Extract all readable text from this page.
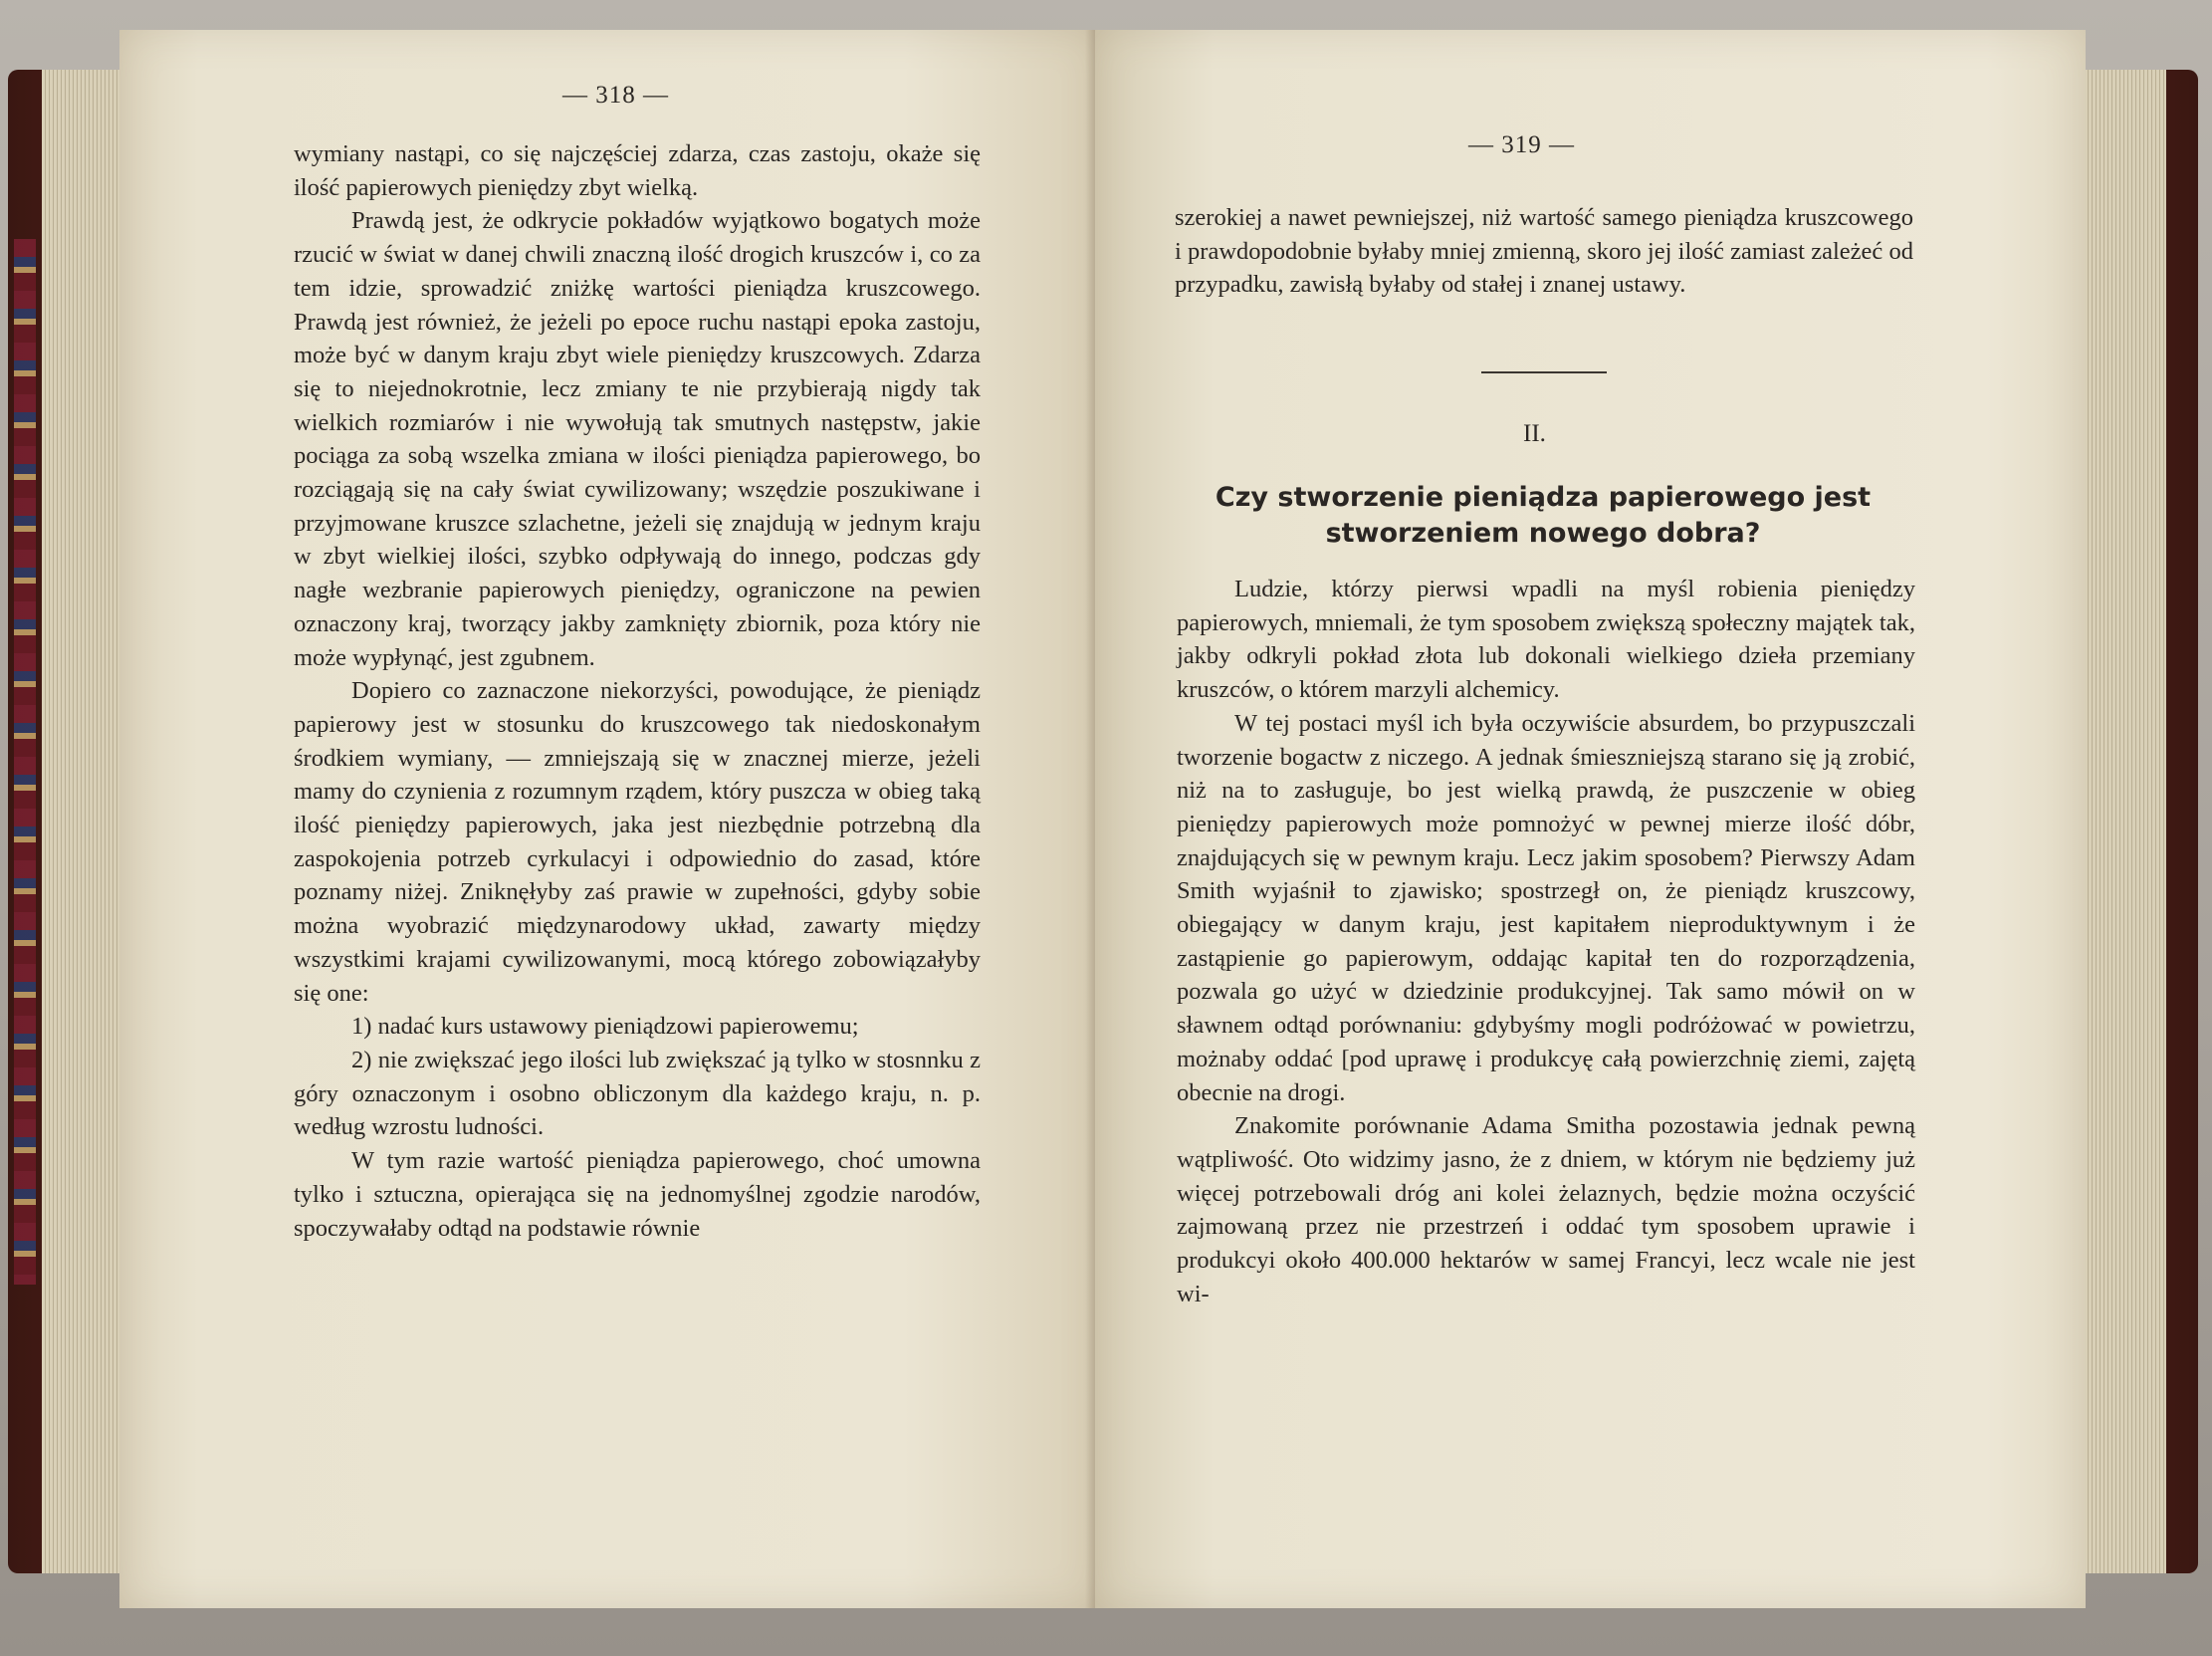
— 318 —

wymiany nastąpi, co się najczęściej zdarza, czas zastoju, okaże się ilość papierowych pieniędzy zbyt wielką.

Prawdą jest, że odkrycie pokładów wyjątkowo bogatych może rzucić w świat w danej chwili znaczną ilość drogich kruszców i, co za tem idzie, sprowadzić zniżkę wartości pieniądza kruszcowego. Prawdą jest również, że jeżeli po epoce ruchu nastąpi epoka zastoju, może być w danym kraju zbyt wiele pieniędzy kruszcowych. Zdarza się to niejednokrotnie, lecz zmiany te nie przybierają nigdy tak wielkich rozmiarów i nie wywołują tak smutnych następstw, jakie pociąga za sobą wszelka zmiana w ilości pieniądza papierowego, bo rozciągają się na cały świat cywilizowany; wszędzie poszukiwane i przyjmowane kruszce szlachetne, jeżeli się znajdują w jednym kraju w zbyt wielkiej ilości, szybko odpływają do innego, podczas gdy nagłe wezbranie papierowych pieniędzy, ograniczone na pewien oznaczony kraj, tworzący jakby zamknięty zbiornik, poza który nie może wypłynąć, jest zgubnem.

Dopiero co zaznaczone niekorzyści, powodujące, że pieniądz papierowy jest w stosunku do kruszcowego tak niedoskonałym środkiem wymiany, — zmniejszają się w znacznej mierze, jeżeli mamy do czynienia z rozumnym rządem, który puszcza w obieg taką ilość pieniędzy papierowych, jaka jest niezbędnie potrzebną dla zaspokojenia potrzeb cyrkulacyi i odpowiednio do zasad, które poznamy niżej. Zniknęłyby zaś prawie w zupełności, gdyby sobie można wyobrazić międzynarodowy układ, zawarty między wszystkimi krajami cywilizowanymi, mocą którego zobowiązałyby się one:

1) nadać kurs ustawowy pieniądzowi papierowemu;

2) nie zwiększać jego ilości lub zwiększać ją tylko w stosnnku z góry oznaczonym i osobno obliczonym dla każdego kraju, n. p. według wzrostu ludności.

W tym razie wartość pieniądza papierowego, choć umowna tylko i sztuczna, opierająca się na jednomyślnej zgodzie narodów, spoczywałaby odtąd na podstawie równie

— 319 —

szerokiej a nawet pewniejszej, niż wartość samego pieniądza kruszcowego i prawdopodobnie byłaby mniej zmienną, skoro jej ilość zamiast zależeć od przypadku, zawisłą byłaby od stałej i znanej ustawy.

II.
Czy stworzenie pieniądza papierowego jest
stworzeniem nowego dobra?

Ludzie, którzy pierwsi wpadli na myśl robienia pieniędzy papierowych, mniemali, że tym sposobem zwiększą społeczny majątek tak, jakby odkryli pokład złota lub dokonali wielkiego dzieła przemiany kruszców, o którem marzyli alchemicy.

W tej postaci myśl ich była oczywiście absurdem, bo przypuszczali tworzenie bogactw z niczego. A jednak śmieszniejszą starano się ją zrobić, niż na to zasługuje, bo jest wielką prawdą, że puszczenie w obieg pieniędzy papierowych może pomnożyć w pewnej mierze ilość dóbr, znajdujących się w pewnym kraju. Lecz jakim sposobem? Pierwszy Adam Smith wyjaśnił to zjawisko; spostrzegł on, że pieniądz kruszcowy, obiegający w danym kraju, jest kapitałem nieproduktywnym i że zastąpienie go papierowym, oddając kapitał ten do rozporządzenia, pozwala go użyć w dziedzinie produkcyjnej. Tak samo mówił on w sławnem odtąd porównaniu: gdybyśmy mogli podróżować w powietrzu, możnaby oddać [pod uprawę i produkcyę całą powierzchnię ziemi, zajętą obecnie na drogi.

Znakomite porównanie Adama Smitha pozostawia jednak pewną wątpliwość. Oto widzimy jasno, że z dniem, w którym nie będziemy już więcej potrzebowali dróg ani kolei żelaznych, będzie można oczyścić zajmowaną przez nie przestrzeń i oddać tym sposobem uprawie i produkcyi około 400.000 hektarów w samej Francyi, lecz wcale nie jest wi-
